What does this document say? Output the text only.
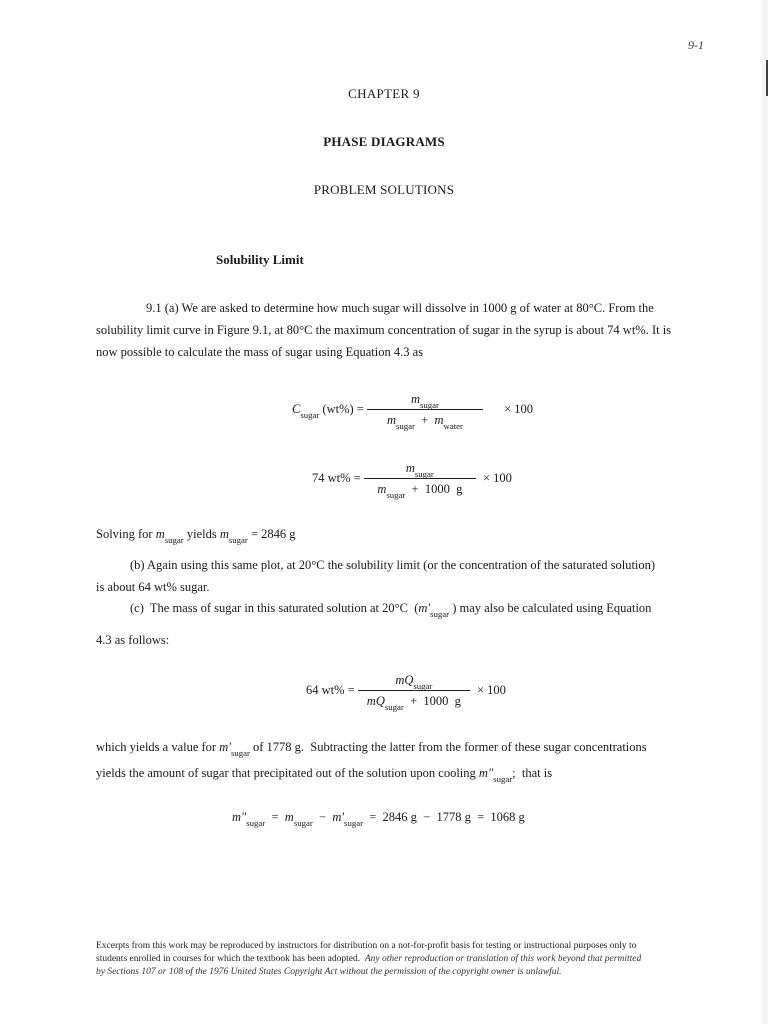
9-1
CHAPTER 9
PHASE DIAGRAMS
PROBLEM SOLUTIONS
Solubility Limit
9.1 (a) We are asked to determine how much sugar will dissolve in 1000 g of water at 80°C. From the
solubility limit curve in Figure 9.1, at 80°C the maximum concentration of sugar in the syrup is about 74 wt%. It is
now possible to calculate the mass of sugar using Equation 4.3 as
$C_{sugar}$ $(wt\%) = \frac{m_{sugar}}{m_{sugar} + m_{water}} \times 100$
74 $wt\% = \frac{m_{sugar}}{m_{sugar} + 1000 g} \times 100$
Solving for $m_{sugar}$ yields $m_{sugar} = 2846$ g
(b) Again using this same plot, at 20°C the solubility limit (or the concentration of the saturated solution)
is about 64 wt% sugar.
(c)  The mass of sugar in this saturated solution at 20°C  ($m'_{sugar}$ ) may also be calculated using Equation
4.3 as follows:
64 $wt\% = \frac{mQ_{sugar}}{mQ_{sugar} + 1000 g} \times 100$
which yields a value for $m'_{sugar}$ of 1778 g.  Subtracting the latter from the former of these sugar concentrations
yields the amount of sugar that precipitated out of the solution upon cooling $m"_{sugar}$;  that is
$m"_{sugar} = m_{sugar} - m'_{sugar} = 2846$ g  −  1778 g  =  1068 g
Excerpts from this work may be reproduced by instructors for distribution on a not-for-profit basis for testing or instructional purposes only to
students enrolled in courses for which the textbook has been adopted.  Any other reproduction or translation of this work beyond that permitted
by Sections 107 or 108 of the 1976 United States Copyright Act without the permission of the copyright owner is unlawful.
